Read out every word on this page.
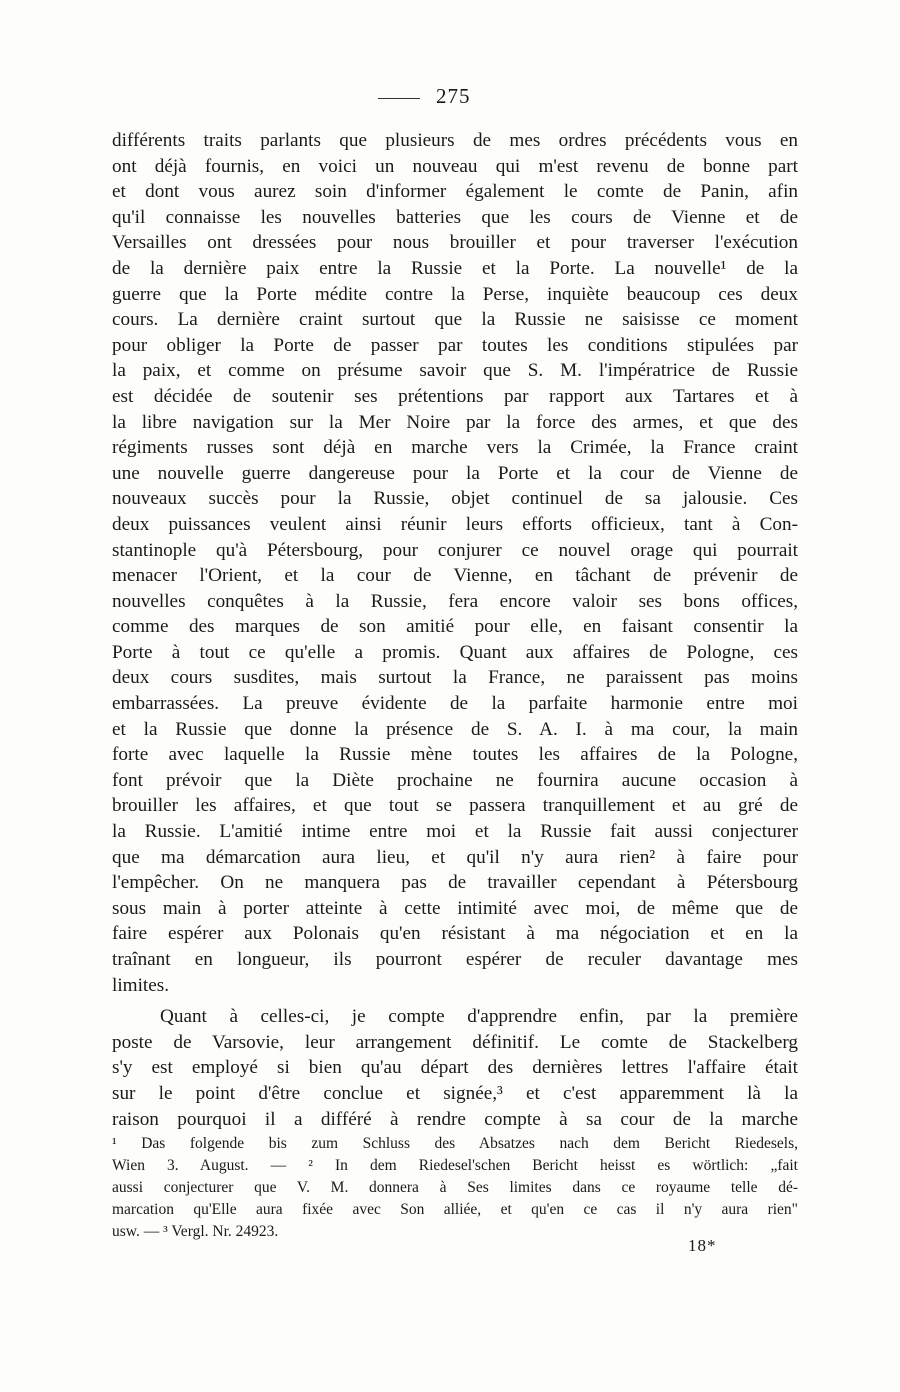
275
différents traits parlants que plusieurs de mes ordres précédents vous en
ont déjà fournis, en voici un nouveau qui m'est revenu de bonne part
et dont vous aurez soin d'informer également le comte de Panin, afin
qu'il connaisse les nouvelles batteries que les cours de Vienne et de
Versailles ont dressées pour nous brouiller et pour traverser l'exécution
de la dernière paix entre la Russie et la Porte. La nouvelle¹ de la
guerre que la Porte médite contre la Perse, inquiète beaucoup ces deux
cours. La dernière craint surtout que la Russie ne saisisse ce moment
pour obliger la Porte de passer par toutes les conditions stipulées par
la paix, et comme on présume savoir que S. M. l'impératrice de Russie
est décidée de soutenir ses prétentions par rapport aux Tartares et à
la libre navigation sur la Mer Noire par la force des armes, et que des
régiments russes sont déjà en marche vers la Crimée, la France craint
une nouvelle guerre dangereuse pour la Porte et la cour de Vienne de
nouveaux succès pour la Russie, objet continuel de sa jalousie. Ces
deux puissances veulent ainsi réunir leurs efforts officieux, tant à Con-
stantinople qu'à Pétersbourg, pour conjurer ce nouvel orage qui pourrait
menacer l'Orient, et la cour de Vienne, en tâchant de prévenir de
nouvelles conquêtes à la Russie, fera encore valoir ses bons offices,
comme des marques de son amitié pour elle, en faisant consentir la
Porte à tout ce qu'elle a promis. Quant aux affaires de Pologne, ces
deux cours susdites, mais surtout la France, ne paraissent pas moins
embarrassées. La preuve évidente de la parfaite harmonie entre moi
et la Russie que donne la présence de S. A. I. à ma cour, la main
forte avec laquelle la Russie mène toutes les affaires de la Pologne,
font prévoir que la Diète prochaine ne fournira aucune occasion à
brouiller les affaires, et que tout se passera tranquillement et au gré de
la Russie. L'amitié intime entre moi et la Russie fait aussi conjecturer
que ma démarcation aura lieu, et qu'il n'y aura rien² à faire pour
l'empêcher. On ne manquera pas de travailler cependant à Pétersbourg
sous main à porter atteinte à cette intimité avec moi, de même que de
faire espérer aux Polonais qu'en résistant à ma négociation et en la
traînant en longueur, ils pourront espérer de reculer davantage mes
limites.
Quant à celles-ci, je compte d'apprendre enfin, par la première
poste de Varsovie, leur arrangement définitif. Le comte de Stackelberg
s'y est employé si bien qu'au départ des dernières lettres l'affaire était
sur le point d'être conclue et signée,³ et c'est apparemment là la
raison pourquoi il a différé à rendre compte à sa cour de la marche
¹ Das folgende bis zum Schluss des Absatzes nach dem Bericht Riedesels,
Wien 3. August. — ² In dem Riedesel'schen Bericht heisst es wörtlich: „fait
aussi conjecturer que V. M. donnera à Ses limites dans ce royaume telle dé-
marcation qu'Elle aura fixée avec Son alliée, et qu'en ce cas il n'y aura rien"
usw. — ³ Vergl. Nr. 24923.
18*
